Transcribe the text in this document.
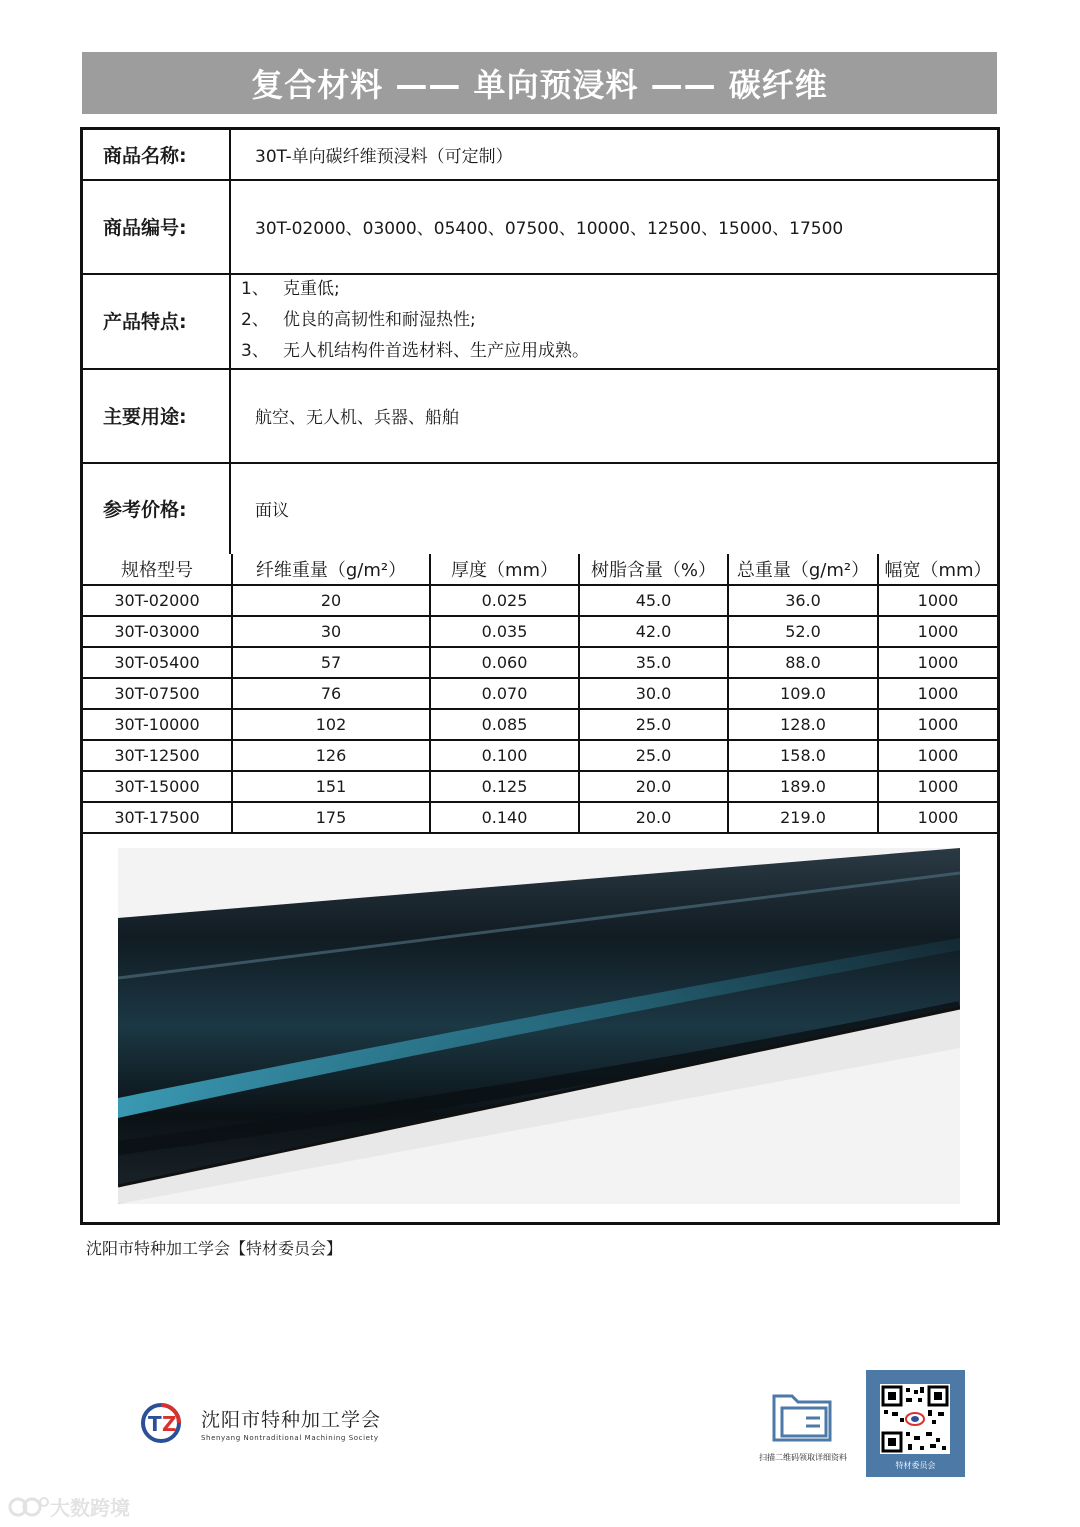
复合材料 —— 单向预浸料 —— 碳纤维
商品名称:	30T-单向碳纤维预浸料（可定制）
商品编号:	30T-02000、03000、05400、07500、10000、12500、15000、17500
产品特点:
1、 克重低;
2、 优良的高韧性和耐湿热性;
3、 无人机结构件首选材料、生产应用成熟。
主要用途:	航空、无人机、兵器、船舶
参考价格:	面议
规格型号	纤维重量（g/m²）	厚度（mm）	树脂含量（%）	总重量（g/m²）	幅宽（mm）
30T-02000	20	0.025	45.0	36.0	1000
30T-03000	30	0.035	42.0	52.0	1000
30T-05400	57	0.060	35.0	88.0	1000
30T-07500	76	0.070	30.0	109.0	1000
30T-10000	102	0.085	25.0	128.0	1000
30T-12500	126	0.100	25.0	158.0	1000
30T-15000	151	0.125	20.0	189.0	1000
30T-17500	175	0.140	20.0	219.0	1000
沈阳市特种加工学会【特材委员会】
T Z 沈阳市特种加工学会
Shenyang Nontraditional Machining Society
扫描二维码领取详细资料
特材委员会
大数跨境
